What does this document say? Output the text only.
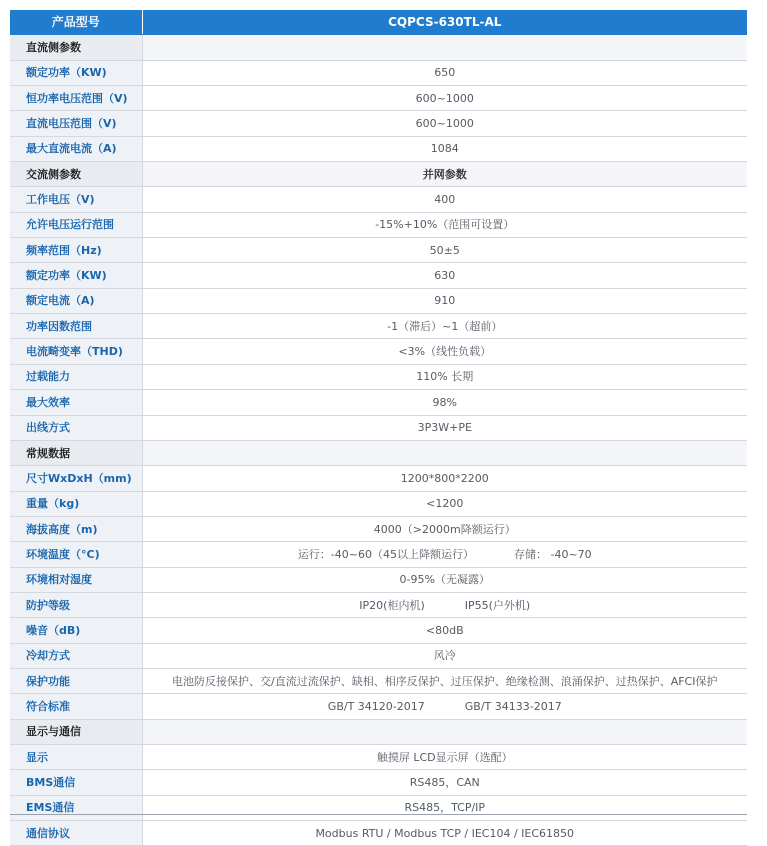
产品型号	CQPCS-630TL-AL
直流侧参数	
额定功率（KW)	650
恒功率电压范围（V)	600~1000
直流电压范围（V)	600~1000
最大直流电流（A)	1084
交流侧参数	并网参数
工作电压（V)	400
允许电压运行范围	-15%+10%（范围可设置）
频率范围（Hz)	50±5
额定功率（KW)	630
额定电流（A)	910
功率因数范围	-1（滞后）~1（超前）
电流畸变率（THD)	<3%（线性负载）
过载能力	110% 长期
最大效率	98%
出线方式	3P3W+PE
常规数据	
尺寸WxDxH（mm)	1200*800*2200
重量（kg)	<1200
海拔高度（m)	4000（>2000m降额运行）
环境温度（°C)	运行：-40~60（45以上降额运行） 存储： -40~70
环境相对湿度	0-95%（无凝露）
防护等级	IP20(柜内机) IP55(户外机)
噪音（dB)	<80dB
冷却方式	风冷
保护功能	电池防反接保护、交/直流过流保护、缺相、相序反保护、过压保护、绝缘检测、浪涌保护、过热保护、AFCI保护
符合标准	GB/T 34120-2017 GB/T 34133-2017
显示与通信	
显示	触摸屏 LCD显示屏（选配）
BMS通信	RS485，CAN
EMS通信	RS485，TCP/IP
通信协议	Modbus RTU / Modbus TCP / IEC104 / IEC61850
